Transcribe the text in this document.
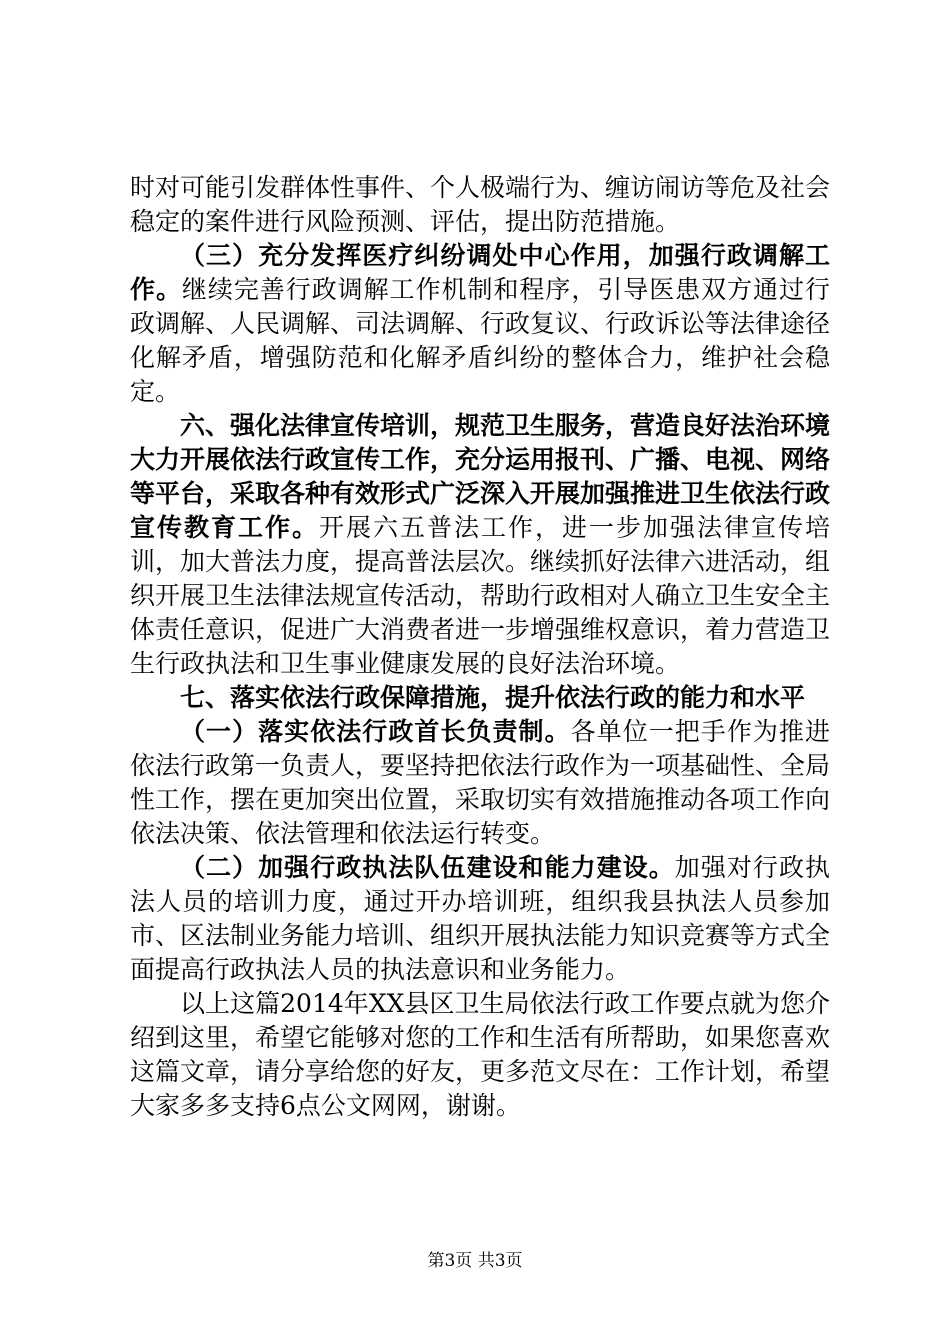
时对可能引发群体性事件、个人极端行为、缠访闹访等危及社会稳定的案件进行风险预测、评估，提出防范措施。

（三）充分发挥医疗纠纷调处中心作用，加强行政调解工作。继续完善行政调解工作机制和程序，引导医患双方通过行政调解、人民调解、司法调解、行政复议、行政诉讼等法律途径化解矛盾，增强防范和化解矛盾纠纷的整体合力，维护社会稳定。

六、强化法律宣传培训，规范卫生服务，营造良好法治环境大力开展依法行政宣传工作，充分运用报刊、广播、电视、网络等平台，采取各种有效形式广泛深入开展加强推进卫生依法行政宣传教育工作。开展六五普法工作，进一步加强法律宣传培训，加大普法力度，提高普法层次。继续抓好法律六进活动，组织开展卫生法律法规宣传活动，帮助行政相对人确立卫生安全主体责任意识，促进广大消费者进一步增强维权意识，着力营造卫生行政执法和卫生事业健康发展的良好法治环境。

七、落实依法行政保障措施，提升依法行政的能力和水平

（一）落实依法行政首长负责制。各单位一把手作为推进依法行政第一负责人，要坚持把依法行政作为一项基础性、全局性工作，摆在更加突出位置，采取切实有效措施推动各项工作向依法决策、依法管理和依法运行转变。

（二）加强行政执法队伍建设和能力建设。加强对行政执法人员的培训力度，通过开办培训班，组织我县执法人员参加市、区法制业务能力培训、组织开展执法能力知识竞赛等方式全面提高行政执法人员的执法意识和业务能力。

以上这篇2014年XX县区卫生局依法行政工作要点就为您介绍到这里，希望它能够对您的工作和生活有所帮助，如果您喜欢这篇文章，请分享给您的好友，更多范文尽在：工作计划，希望大家多多支持6点公文网网，谢谢。

第3页 共3页
